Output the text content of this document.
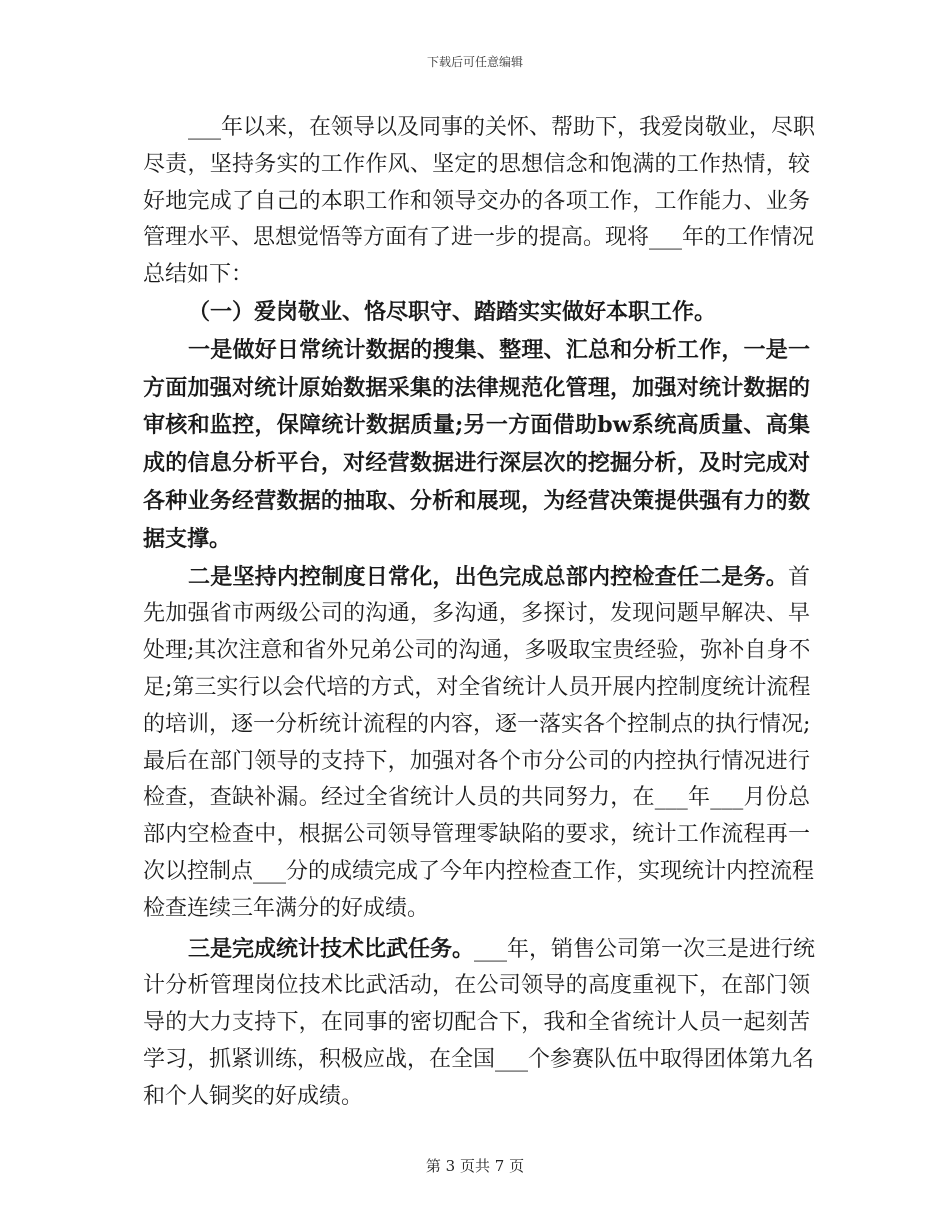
下载后可任意编辑
___年以来，在领导以及同事的关怀、帮助下，我爱岗敬业，尽职
尽责，坚持务实的工作作风、坚定的思想信念和饱满的工作热情，较
好地完成了自己的本职工作和领导交办的各项工作，工作能力、业务
管理水平、思想觉悟等方面有了进一步的提高。现将___年的工作情况
总结如下：
（一）爱岗敬业、恪尽职守、踏踏实实做好本职工作。
一是做好日常统计数据的搜集、整理、汇总和分析工作，一是一
方面加强对统计原始数据采集的法律规范化管理，加强对统计数据的
审核和监控，保障统计数据质量;另一方面借助bw系统高质量、高集
成的信息分析平台，对经营数据进行深层次的挖掘分析，及时完成对
各种业务经营数据的抽取、分析和展现，为经营决策提供强有力的数
据支撑。
二是坚持内控制度日常化，出色完成总部内控检查任二是务。首
先加强省市两级公司的沟通，多沟通，多探讨，发现问题早解决、早
处理;其次注意和省外兄弟公司的沟通，多吸取宝贵经验，弥补自身不
足;第三实行以会代培的方式，对全省统计人员开展内控制度统计流程
的培训，逐一分析统计流程的内容，逐一落实各个控制点的执行情况;
最后在部门领导的支持下，加强对各个市分公司的内控执行情况进行
检查，查缺补漏。经过全省统计人员的共同努力，在___年___月份总
部内空检查中，根据公司领导管理零缺陷的要求，统计工作流程再一
次以控制点___分的成绩完成了今年内控检查工作，实现统计内控流程
检查连续三年满分的好成绩。
三是完成统计技术比武任务。___年，销售公司第一次三是进行统
计分析管理岗位技术比武活动，在公司领导的高度重视下，在部门领
导的大力支持下，在同事的密切配合下，我和全省统计人员一起刻苦
学习，抓紧训练，积极应战，在全国___个参赛队伍中取得团体第九名
和个人铜奖的好成绩。
第 3 页共 7 页
